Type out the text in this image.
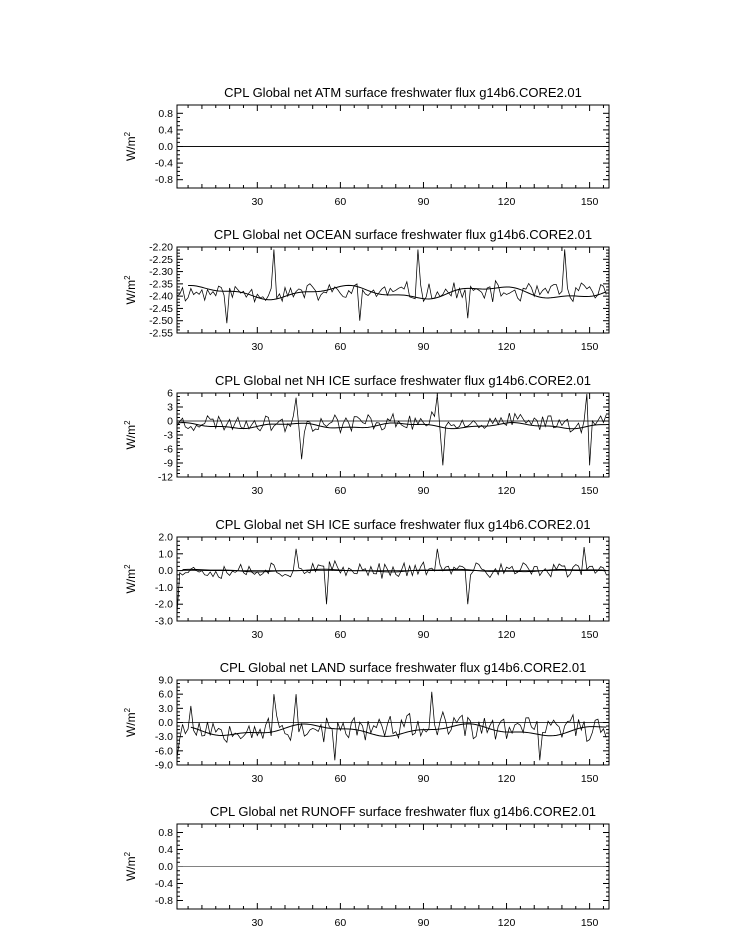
CPL Global net ATM surface freshwater flux g14b6.CORE2.01
$W/m^2$
0.8
0.4
0.0
-0.4
-0.8
30	60	90	120	150
CPL Global net OCEAN surface freshwater flux g14b6.CORE2.01
$W/m^2$
-2.20
-2.25
-2.30
-2.35
-2.40
-2.45
-2.50
-2.55
30	60	90	120	150
CPL Global net NH ICE surface freshwater flux g14b6.CORE2.01
$W/m^2$
6
3
0
-3
-6
-9
-12
30	60	90	120	150
CPL Global net SH ICE surface freshwater flux g14b6.CORE2.01
$W/m^2$
2.0
1.0
0.0
-1.0
-2.0
-3.0
30	60	90	120	150
CPL Global net LAND surface freshwater flux g14b6.CORE2.01
$W/m^2$
9.0
6.0
3.0
0.0
-3.0
-6.0
-9.0
30	60	90	120	150
CPL Global net RUNOFF surface freshwater flux g14b6.CORE2.01
$W/m^2$
0.8
0.4
0.0
-0.4
-0.8
30	60	90	120	150
